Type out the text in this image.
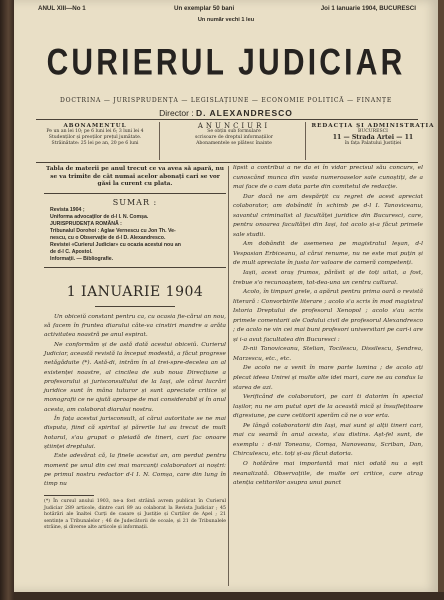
ANUL XIII—No 1	Un exemplar 50 bani	Joi 1 Ianuarie 1904, BUCURESCI
Un număr vechi 1 leu
CURIERUL JUDICIAR
DOCTRINA — JURISPRUDENȚA — LEGISLAȚIUNE — ECONOMIE POLITICĂ — FINANȚE
Director : D. ALEXANDRESCO
ABONAMENTUL
Pe un an lei 10; pe 6 luni lei 6; 3 luni lei 4
Studenților și preoților prețul jumătate.
Străinătate: 25 lei pe an, 20 pe 6 luni
ANUNCIURI
Se obțin sub formulare
scrisoare de dreptul informațiilor
Abonamentele se plătesc înainte
REDACȚIA ȘI ADMINISTRAȚIA
BUCURESCI
11 — Strada Artei — 11
în fața Palatului Justiției
Tabla de materii pe anul trecut ce va avea să apară, nu se va trimite de cât numai acelor abonați cari se vor găsi la curent cu plata.
SUMAR :
Revista 1904 ;
Uniforma advocaților de d-l I. N. Comșa.
JURISPRUDENȚA ROMÂNĂ :
Tribunalul Dorohoi : Aglae Vernescu cu Jon Th. Ve-
nescu, cu o Observație de d-l D. Alexandresco.
Revistei «Curierul Judiciar» cu ocazia acestui nou an
de d-l C. Apostol.
Informații. — Bibliografie.
1 IANUARIE 1904

Un obiceiŭ constant pentru ca, cu ocasia fie-cărui an nou, să facem în fruntea diarului câte-va cinstiri mandre a arăta activitatea noastră pe anul espirat.

Ne conformăm și de astă dată acestui obiceiŭ. Curierul Judiciar, această revistă la început modestă, a făcut progrese netăgăduite (*). Astă-di, intrăm în al trei-spre-decelea an al existenței noastre, al cincilea de sub noua Direcțiune a profesorului și jurisconsultului de la Iași, ale cărui lucrări juridice sunt în mâna tuturor și sunt apreciate critice și monografii ce ne ajută aproape de mai considerabil și în anul acesta, am colaborat diarului nostru.

În fața acestui jurisconsult, al cărui autoritate se ne mai disputa, fiind că spiritul și părerile lui au trecut de mult hotarul, s'au grupat o pleiadă de tineri, cari fac onoare științei dreptului.

Este adevărat că, la finele acestui an, am perdut pentru moment pe unul din cei mai marcanți colaboratori ai noștri: pe primul nostru redactor d-l I. N. Comșa, care din lung în timp nu

(*) În cursul anului 1903, ne-a fost străină avrem publicat în Curierul Judiciar 289 articole, dintre cari 89 au colaborat la Revista Judiciar ; 45 hotărâri ale înaltei Curți de casare și Justiție și Curților de Apel ; 21 sentințe a Tribunalelor ; 46 de Judecătorii de ocoale, și 21 de Tribunalele străine, și diverse alte articole și informații.

lipsit a contribui a ne da ei în vidar precisul său concurs, el cunoscând munca din vasta numeroaselor sale cunoștiți, de a mai face de o cam data parte din comitetul de redacție.

Dar dacă ne am despărțit cu regret de acest apreciat colaborator, am dobândit în schimb pe d-l I. Tanoviceanu, savantul criminalist al facultăței juridice din Bucuresci, care, pentru onoarea facultăței din Iași, tot acolo și-a făcut primele sale studii.

Am dobândit de asemenea pe magistratul leşan, d-l Vespasian Erbiceanu, al cărui renume, nu ne este mai puțin și de mult apreciate în justa lor valoare de cameră competenți.

Iașii, acest oraș frumos, părăsit și de toți uitat, a fost, trebue s'o recunoaștem, tot-dea-una un centru cultural.

Acolo, în timpuri grele, a apărut pentru prima oară o revistă literară : Convorbirile literare ; acolo s'a scris în mod magistral Istoria Dreptului de profesorul Xenopol ; acolo s'au scris primele comentarii ale Codului civil de profesorul Alexandresco ; de acolo ne vin cei mai buni profesori universitari pe cari-i are și i-a avut facultatea din Bucuresci :

D-nii Tanoviceanu, Stelian, Tocilescu, Dissilescu, Șendrea, Marzescu, etc., etc.

De acolo ne a venit în mare parte lumina ; de acolo ați plecat ideea Unirei și multe alte idei mari, care ne au condus la starea de azi.

Verificând de colaboratori, pe cari ti datorim în special lașilor, nu ne am putut opri de la această mică și însuflețitoare digresiune, pe care cetitorii sperăm că ne o vor erta.

Pe lângă colaboratorii din Iași, mai sunt și alții tineri cari, mai cu seamă în anul acesta, s'au distins. Așt-fel sunt, de exemplu : d-nii Toneanu, Comșa, Nanoveanu, Scriban, Dan, Chirculescu, etc. toți și-au făcut datoria.

O hotărâre mai importantă mai nici odată nu a eșit neanalizată. Observațiile, de multe ori critice, care atrag atenția cetitorilor asupra unui punct
